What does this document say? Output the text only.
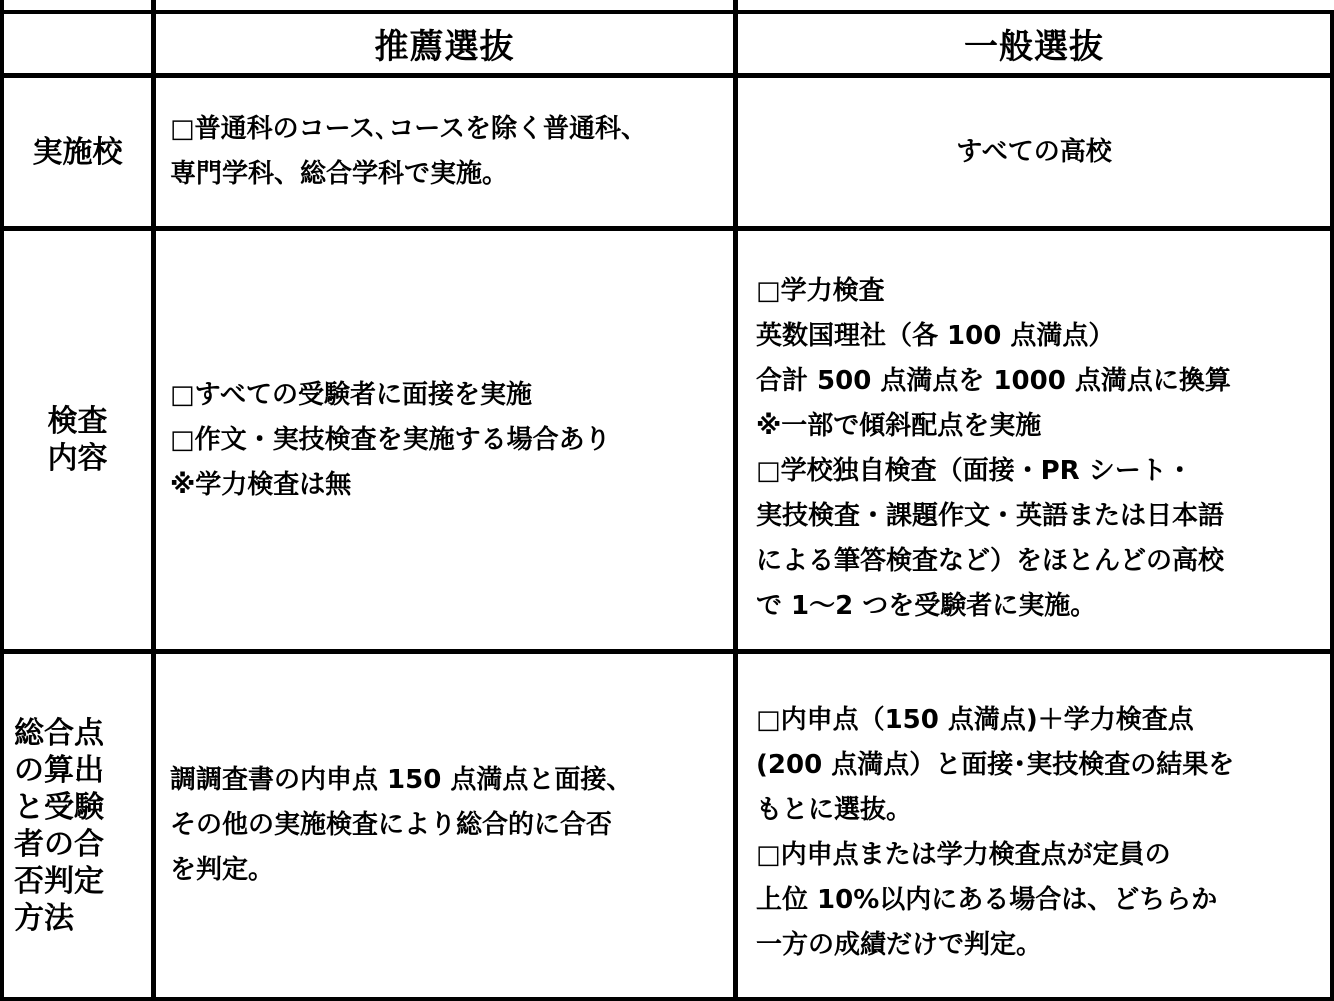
推薦選抜	一般選抜
実施校
□普通科のコース､コースを除く普通科、
専門学科、総合学科で実施。
すべての高校
検査
内容
□すべての受験者に面接を実施
□作文・実技検査を実施する場合あり
※学力検査は無
□学力検査
英数国理社（各 100 点満点）
合計 500 点満点を 1000 点満点に換算
※一部で傾斜配点を実施
□学校独自検査（面接・PR シート・
実技検査・課題作文・英語または日本語
による筆答検査など）をほとんどの高校
で 1～2 つを受験者に実施。
総合点
の算出
と受験
者の合
否判定
方法
調調査書の内申点 150 点満点と面接、
その他の実施検査により総合的に合否
を判定。
□内申点（150 点満点)＋学力検査点
(200 点満点）と面接･実技検査の結果を
もとに選抜。
□内申点または学力検査点が定員の
上位 10%以内にある場合は、どちらか
一方の成績だけで判定。
